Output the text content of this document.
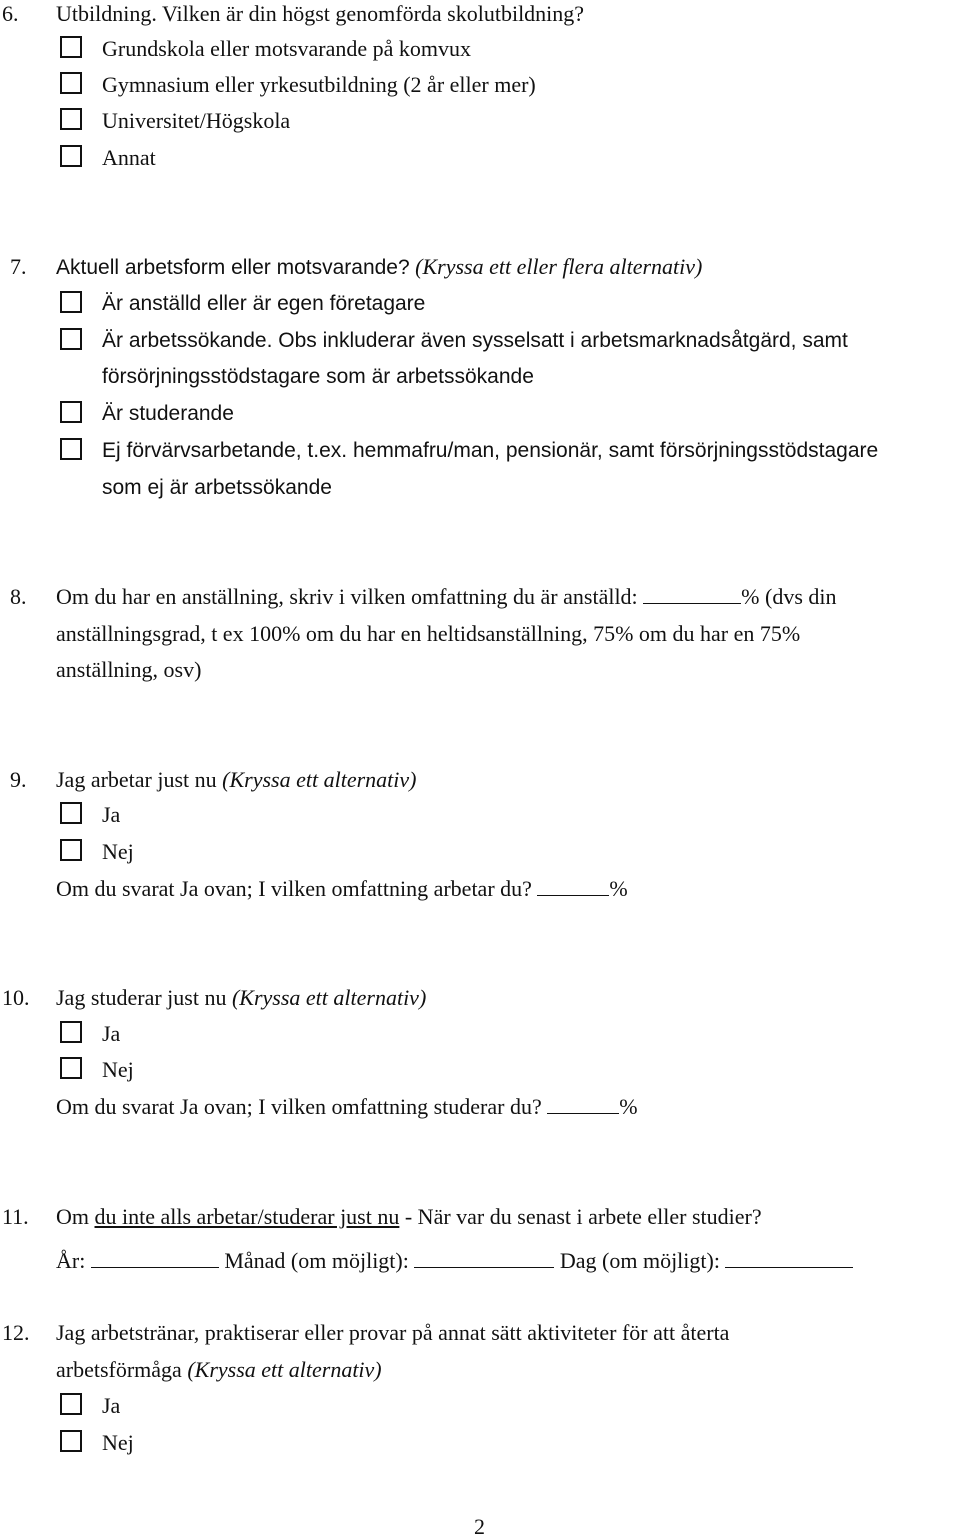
6. Utbildning. Vilken är din högst genomförda skolutbildning?
Grundskola eller motsvarande på komvux
Gymnasium eller yrkesutbildning (2 år eller mer)
Universitet/Högskola
Annat
7. Aktuell arbetsform eller motsvarande? (Kryssa ett eller flera alternativ)
Är anställd eller är egen företagare
Är arbetssökande. Obs inkluderar även sysselsatt i arbetsmarknadsåtgärd, samt
försörjningsstödstagare som är arbetssökande
Är studerande
Ej förvärvsarbetande, t.ex. hemmafru/man, pensionär, samt försörjningsstödstagare
som ej är arbetssökande
8. Om du har en anställning, skriv i vilken omfattning du är anställd:	% (dvs din
anställningsgrad, t ex 100% om du har en heltidsanställning, 75% om du har en 75%
anställning, osv)
9. Jag arbetar just nu (Kryssa ett alternativ)
Ja
Nej
Om du svarat Ja ovan; I vilken omfattning arbetar du?	%
10. Jag studerar just nu (Kryssa ett alternativ)
Ja
Nej
Om du svarat Ja ovan; I vilken omfattning studerar du?	%
11. Om du inte alls arbetar/studerar just nu - När var du senast i arbete eller studier?
År:	Månad (om möjligt):	Dag (om möjligt):
12. Jag arbetstränar, praktiserar eller provar på annat sätt aktiviteter för att återta
arbetsförmåga (Kryssa ett alternativ)
Ja
Nej
2
